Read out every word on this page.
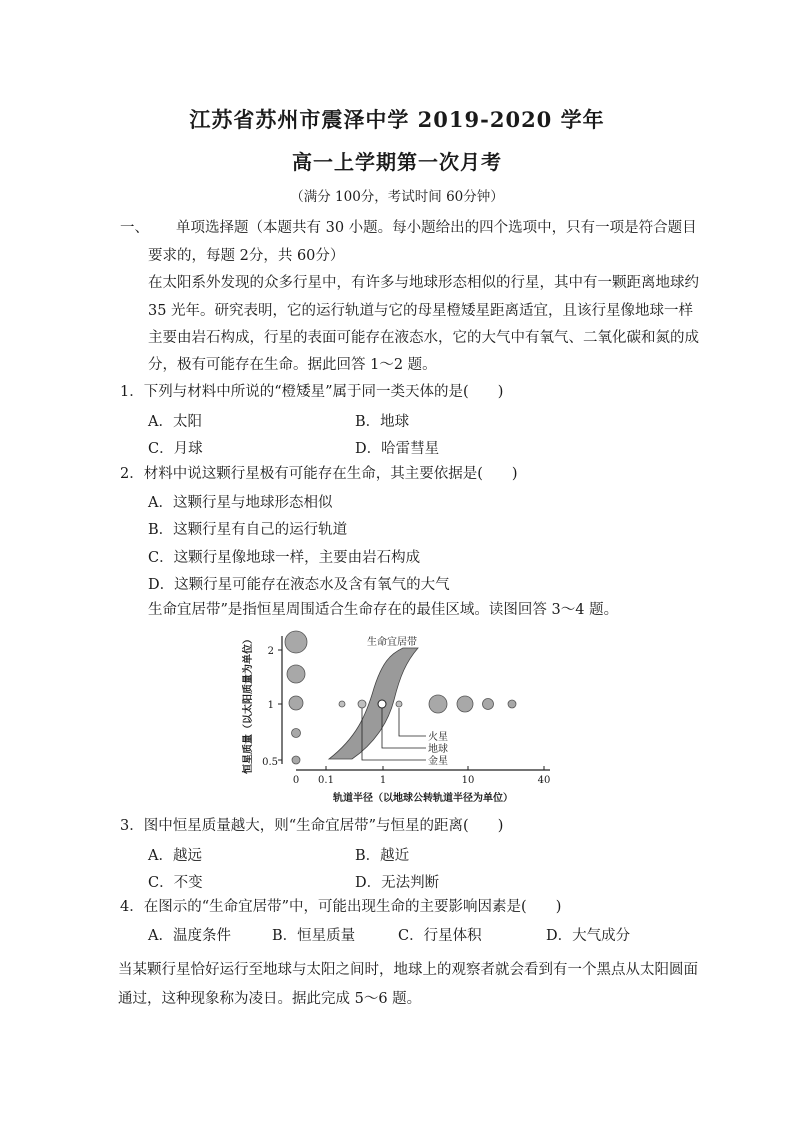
江苏省苏州市震泽中学 2019-2020 学年
高一上学期第一次月考
（满分 100分，考试时间 60分钟）
一、 单项选择题（本题共有 30 小题。每小题给出的四个选项中，只有一项是符合题目
要求的，每题 2分，共 60分）
在太阳系外发现的众多行星中，有许多与地球形态相似的行星，其中有一颗距离地球约
35 光年。研究表明，它的运行轨道与它的母星橙矮星距离适宜，且该行星像地球一样
主要由岩石构成，行星的表面可能存在液态水，它的大气中有氧气、二氧化碳和氮的成
分，极有可能存在生命。据此回答 1～2 题。
1．下列与材料中所说的“橙矮星”属于同一类天体的是(　　)
A．太阳	B．地球
C．月球	D．哈雷彗星
2．材料中说这颗行星极有可能存在生命，其主要依据是(　　)
A．这颗行星与地球形态相似
B．这颗行星有自己的运行轨道
C．这颗行星像地球一样，主要由岩石构成
D．这颗行星可能存在液态水及含有氧气的大气
生命宜居带”是指恒星周围适合生命存在的最佳区域。读图回答 3～4 题。
2
1
0.5
恒星质量（以太阳质量为单位）
0 0.1	1	10	40
轨道半径（以地球公转轨道半径为单位）
生命宜居带
火星
地球
金星
3．图中恒星质量越大，则“生命宜居带”与恒星的距离(　　)
A．越远	B．越近
C．不变	D．无法判断
4．在图示的“生命宜居带”中，可能出现生命的主要影响因素是(　　)
A．温度条件	B．恒星质量	C．行星体积	D．大气成分
当某颗行星恰好运行至地球与太阳之间时，地球上的观察者就会看到有一个黑点从太阳圆面
通过，这种现象称为凌日。据此完成 5～6 题。
